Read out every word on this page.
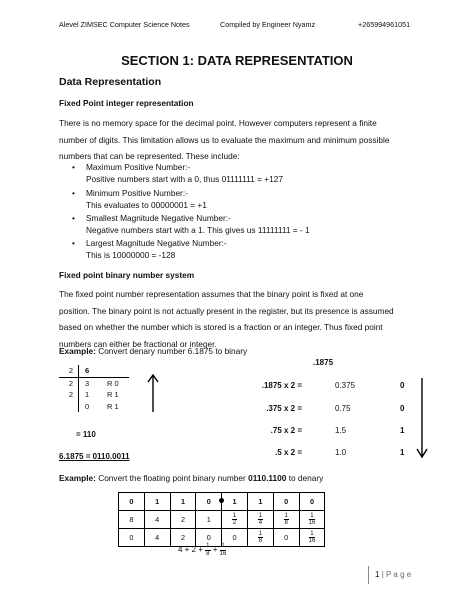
Alevel ZIMSEC Computer Science Notes	Compiled by Engineer Nyamz	+265994961051
SECTION 1: DATA REPRESENTATION
Data Representation
Fixed Point integer representation
There is no memory space for the decimal point. However computers represent a finite
number of digits. This limitation allows us to evaluate the maximum and minimum possible
numbers that can be represented. These include:
• Maximum Positive Number:-
Positive numbers start with a 0, thus 01111111 = +127
• Minimum Positive Number:-
This evaluates to 00000001 = +1
• Smallest Magnitude Negative Number:-
Negative numbers start with a 1. This gives us 11111111 = - 1
• Largest Magnitude Negative Number:-
This is 10000000 = -128
Fixed point binary number system
The fixed point number representation assumes that the binary point is fixed at one
position. The binary point is not actually present in the register, but its presence is assumed
based on whether the number which is stored is a fraction or an integer. Thus fixed point
numbers can either be fractional or integer.
Example: Convert denary number 6.1875 to binary
2	6	
2	3	R 0
2	1	R 1
	0	R 1
= 110
6.1875 = 0110.0011
.1875
.1875 x 2 =	0.375	0
.375 x 2 =	0.75	0
.75 x 2 =	1.5	1
.5 x 2 =	1.0	1
Example: Convert the floating point binary number 0110.1100 to denary
0	1	1	0	1	1	0	0
8	4	2	1	$\frac{1}{2}$	$\frac{1}{4}$	$\frac{1}{8}$	$\frac{1}{16}$

0	4	2	0	0	$\frac{1}{8}$	0	$\frac{1}{16}$
$4 + 2 + \frac{1}{8} + \frac{1}{16}$
1 | P a g e
